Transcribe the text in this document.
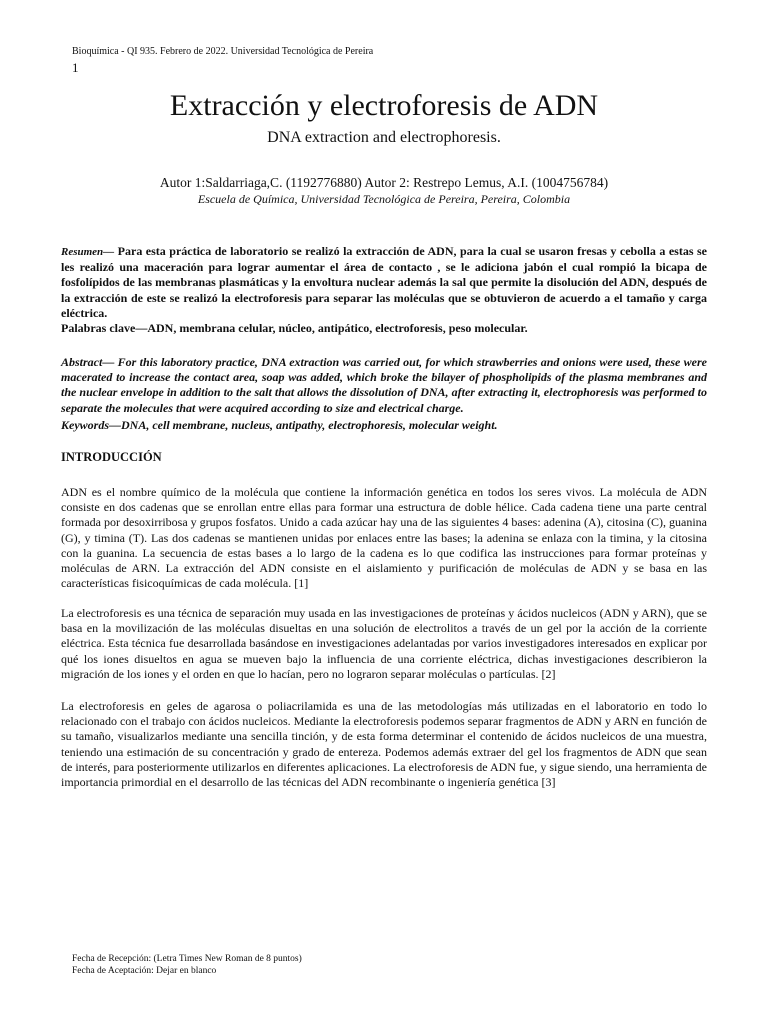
Bioquímica - QI 935. Febrero de 2022. Universidad Tecnológica de Pereira
1
Extracción y electroforesis de ADN
DNA extraction and electrophoresis.
Autor 1:Saldarriaga,C. (1192776880) Autor 2: Restrepo Lemus, A.I. (1004756784)
Escuela de Química, Universidad Tecnológica de Pereira, Pereira, Colombia
Resumen— Para esta práctica de laboratorio se realizó la extracción de ADN, para la cual se usaron fresas y cebolla a estas se les realizó una maceración para lograr aumentar el área de contacto , se le adiciona jabón el cual rompió la bicapa de fosfolípidos de las membranas plasmáticas y la envoltura nuclear además la sal que permite la disolución del ADN, después de la extracción de este se realizó la electroforesis para separar las moléculas que se obtuvieron de acuerdo a el tamaño y carga eléctrica.
Palabras clave—ADN, membrana celular, núcleo, antipático, electroforesis, peso molecular.
Abstract— For this laboratory practice, DNA extraction was carried out, for which strawberries and onions were used, these were macerated to increase the contact area, soap was added, which broke the bilayer of phospholipids of the plasma membranes and the nuclear envelope in addition to the salt that allows the dissolution of DNA, after extracting it, electrophoresis was performed to separate the molecules that were acquired according to size and electrical charge.
Keywords—DNA, cell membrane, nucleus, antipathy, electrophoresis, molecular weight.
INTRODUCCIÓN
ADN es el nombre químico de la molécula que contiene la información genética en todos los seres vivos. La molécula de ADN consiste en dos cadenas que se enrollan entre ellas para formar una estructura de doble hélice. Cada cadena tiene una parte central formada por desoxirribosa y grupos fosfatos. Unido a cada azúcar hay una de las siguientes 4 bases: adenina (A), citosina (C), guanina (G), y timina (T). Las dos cadenas se mantienen unidas por enlaces entre las bases; la adenina se enlaza con la timina, y la citosina con la guanina. La secuencia de estas bases a lo largo de la cadena es lo que codifica las instrucciones para formar proteínas y moléculas de ARN. La extracción del ADN consiste en el aislamiento y purificación de moléculas de ADN y se basa en las características fisicoquímicas de cada molécula. [1]
La electroforesis es una técnica de separación muy usada en las investigaciones de proteínas y ácidos nucleicos (ADN y ARN), que se basa en la movilización de las moléculas disueltas en una solución de electrolitos a través de un gel por la acción de la corriente eléctrica. Esta técnica fue desarrollada basándose en investigaciones adelantadas por varios investigadores interesados en explicar por qué los iones disueltos en agua se mueven bajo la influencia de una corriente eléctrica, dichas investigaciones describieron la migración de los iones y el orden en que lo hacían, pero no lograron separar moléculas o partículas. [2]
La electroforesis en geles de agarosa o poliacrilamida es una de las metodologías más utilizadas en el laboratorio en todo lo relacionado con el trabajo con ácidos nucleicos. Mediante la electroforesis podemos separar fragmentos de ADN y ARN en función de su tamaño, visualizarlos mediante una sencilla tinción, y de esta forma determinar el contenido de ácidos nucleicos de una muestra, teniendo una estimación de su concentración y grado de entereza. Podemos además extraer del gel los fragmentos de ADN que sean de interés, para posteriormente utilizarlos en diferentes aplicaciones. La electroforesis de ADN fue, y sigue siendo, una herramienta de importancia primordial en el desarrollo de las técnicas del ADN recombinante o ingeniería genética [3]
Fecha de Recepción: (Letra Times New Roman de 8 puntos)
Fecha de Aceptación: Dejar en blanco
